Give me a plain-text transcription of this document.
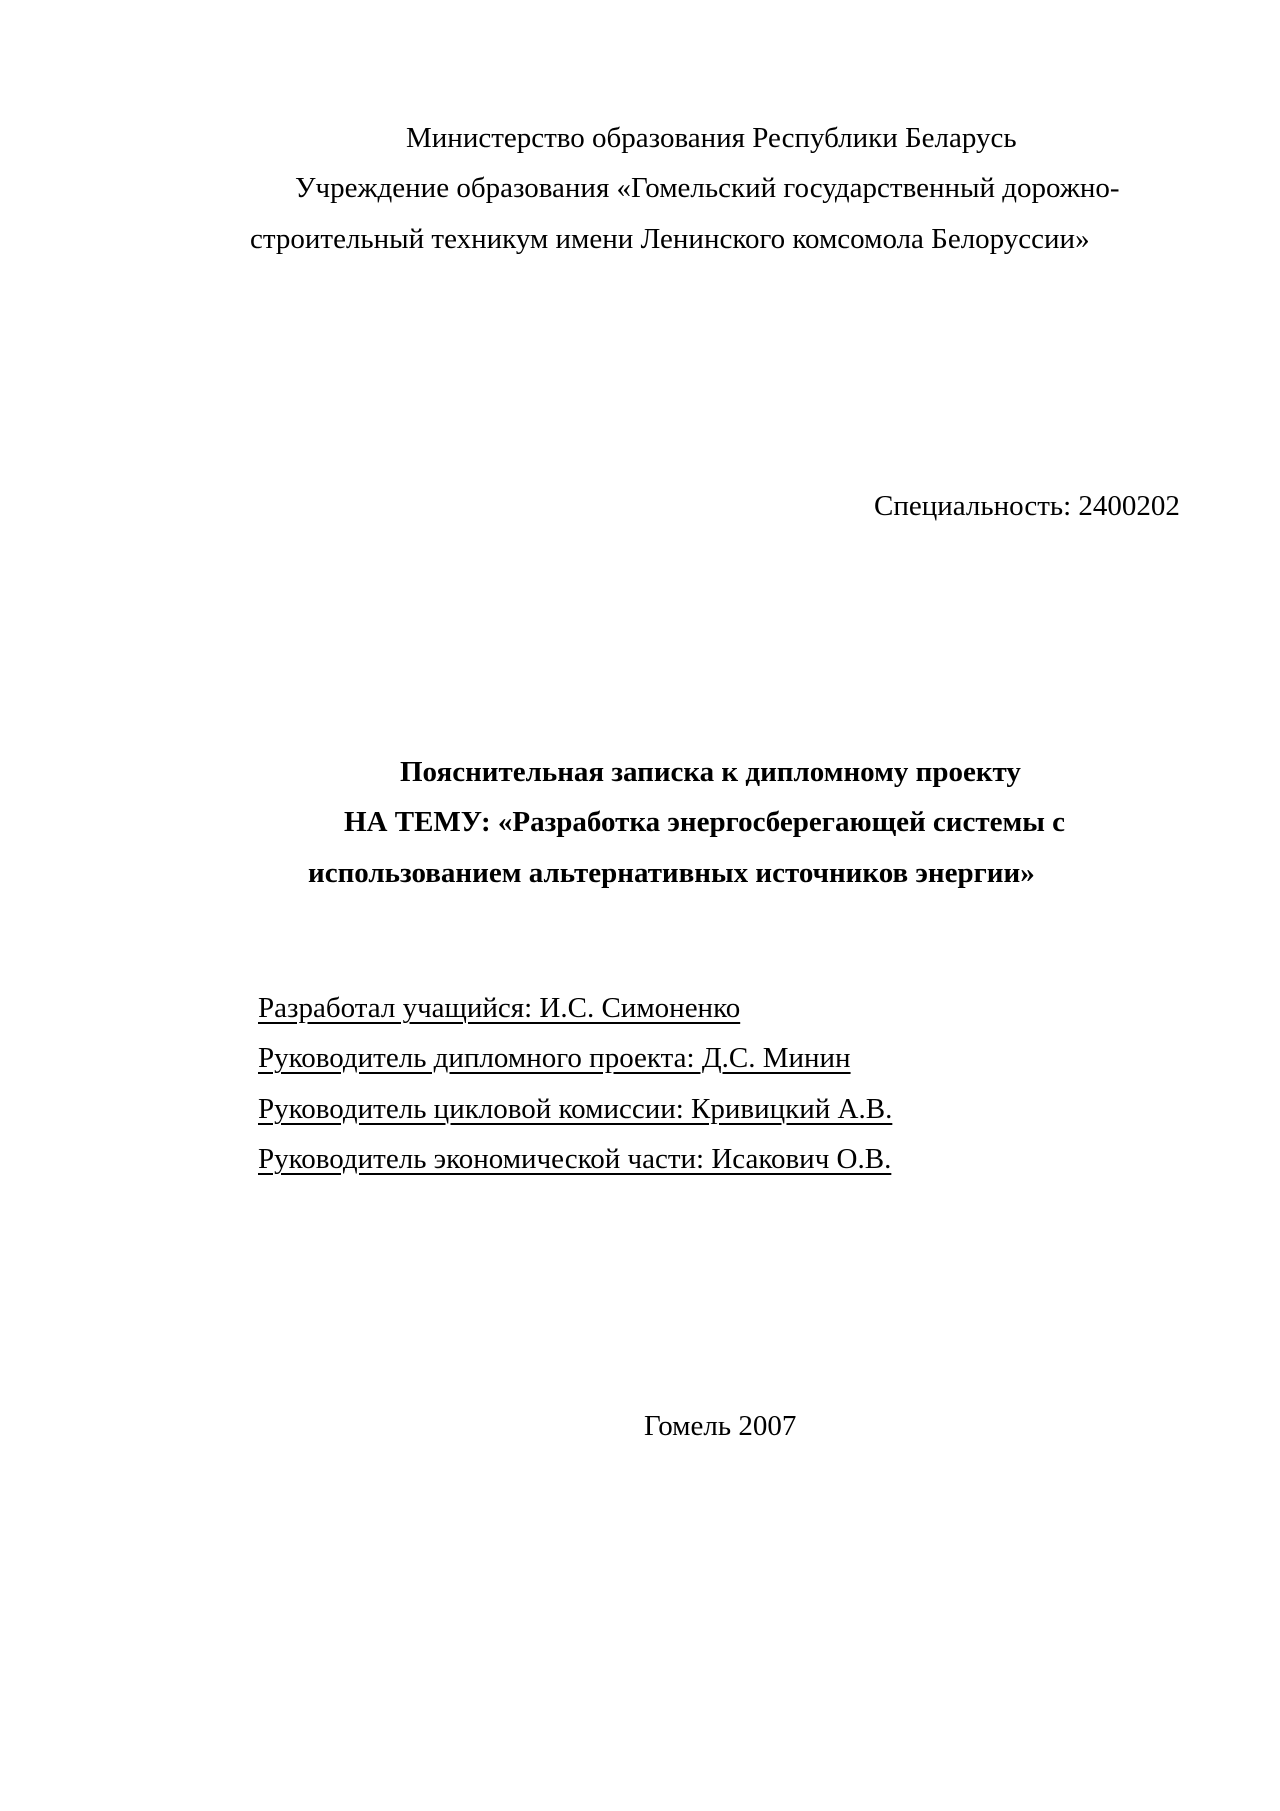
Министерство образования Республики Беларусь
Учреждение образования «Гомельский государственный дорожно-
строительный техникум имени Ленинского комсомола Белоруссии»
Специальность: 2400202
Пояснительная записка к дипломному проекту
НА ТЕМУ: «Разработка энергосберегающей системы с
использованием альтернативных источников энергии»
Разработал учащийся: И.С. Симоненко
Руководитель дипломного проекта: Д.С. Минин
Руководитель цикловой комиссии: Кривицкий А.В.
Руководитель экономической части: Исакович О.В.
Гомель 2007
